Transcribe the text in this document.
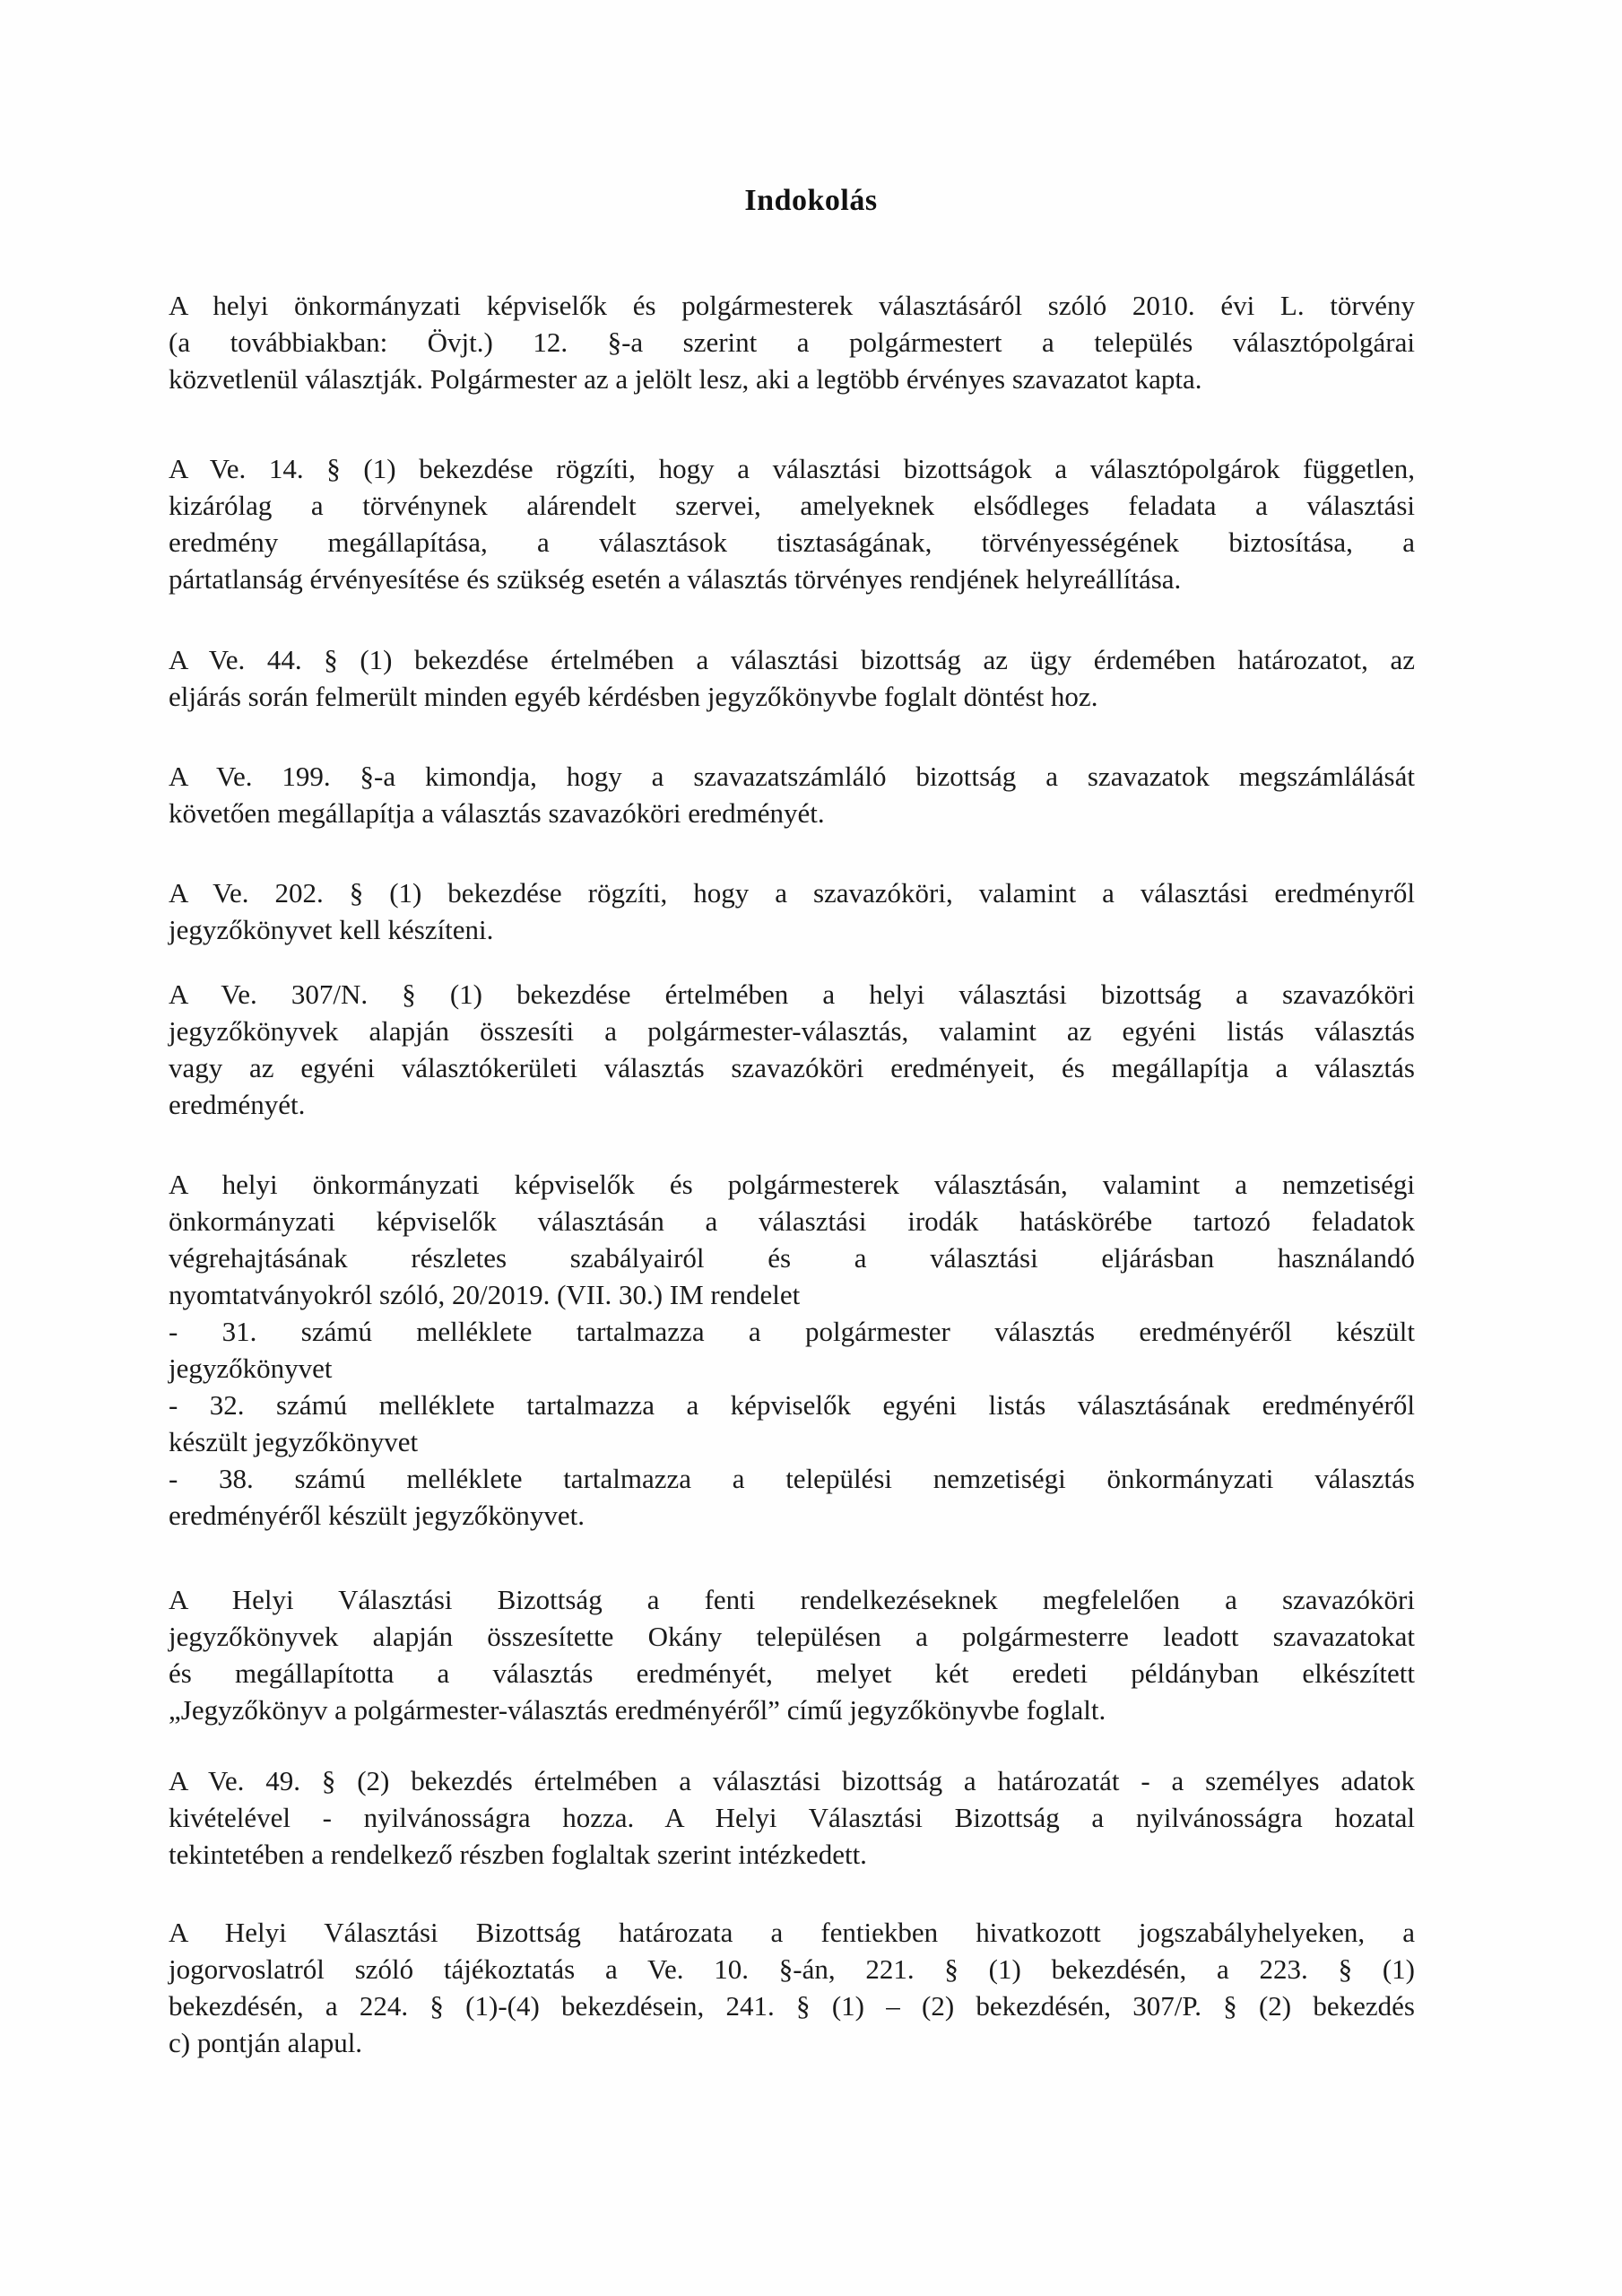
Indokolás
A helyi önkormányzati képviselők és polgármesterek választásáról szóló 2010. évi L. törvény
(a továbbiakban: Övjt.) 12. §-a szerint a polgármestert a település választópolgárai
közvetlenül választják. Polgármester az a jelölt lesz, aki a legtöbb érvényes szavazatot kapta.
A Ve. 14. § (1) bekezdése rögzíti, hogy a választási bizottságok a választópolgárok független,
kizárólag a törvénynek alárendelt szervei, amelyeknek elsődleges feladata a választási
eredmény megállapítása, a választások tisztaságának, törvényességének biztosítása, a
pártatlanság érvényesítése és szükség esetén a választás törvényes rendjének helyreállítása.
A Ve. 44. § (1) bekezdése értelmében a választási bizottság az ügy érdemében határozatot, az
eljárás során felmerült minden egyéb kérdésben jegyzőkönyvbe foglalt döntést hoz.
A Ve. 199. §-a kimondja, hogy a szavazatszámláló bizottság a szavazatok megszámlálását
követően megállapítja a választás szavazóköri eredményét.
A Ve. 202. § (1) bekezdése rögzíti, hogy a szavazóköri, valamint a választási eredményről
jegyzőkönyvet kell készíteni.
A Ve. 307/N. § (1) bekezdése értelmében a helyi választási bizottság a szavazóköri
jegyzőkönyvek alapján összesíti a polgármester-választás, valamint az egyéni listás választás
vagy az egyéni választókerületi választás szavazóköri eredményeit, és megállapítja a választás
eredményét.
A helyi önkormányzati képviselők és polgármesterek választásán, valamint a nemzetiségi
önkormányzati képviselők választásán a választási irodák hatáskörébe tartozó feladatok
végrehajtásának részletes szabályairól és a választási eljárásban használandó
nyomtatványokról szóló, 20/2019. (VII. 30.) IM rendelet
- 31. számú melléklete tartalmazza a polgármester választás eredményéről készült
jegyzőkönyvet
- 32. számú melléklete tartalmazza a képviselők egyéni listás választásának eredményéről
készült jegyzőkönyvet
- 38. számú melléklete tartalmazza a települési nemzetiségi önkormányzati választás
eredményéről készült jegyzőkönyvet.
A Helyi Választási Bizottság a fenti rendelkezéseknek megfelelően a szavazóköri
jegyzőkönyvek alapján összesítette Okány településen a polgármesterre leadott szavazatokat
és megállapította a választás eredményét, melyet két eredeti példányban elkészített
„Jegyzőkönyv a polgármester-választás eredményéről” című jegyzőkönyvbe foglalt.
A Ve. 49. § (2) bekezdés értelmében a választási bizottság a határozatát - a személyes adatok
kivételével - nyilvánosságra hozza. A Helyi Választási Bizottság a nyilvánosságra hozatal
tekintetében a rendelkező részben foglaltak szerint intézkedett.
A Helyi Választási Bizottság határozata a fentiekben hivatkozott jogszabályhelyeken, a
jogorvoslatról szóló tájékoztatás a Ve. 10. §-án, 221. § (1) bekezdésén, a 223. § (1)
bekezdésén, a 224. § (1)-(4) bekezdésein, 241. § (1) – (2) bekezdésén, 307/P. § (2) bekezdés
c) pontján alapul.
